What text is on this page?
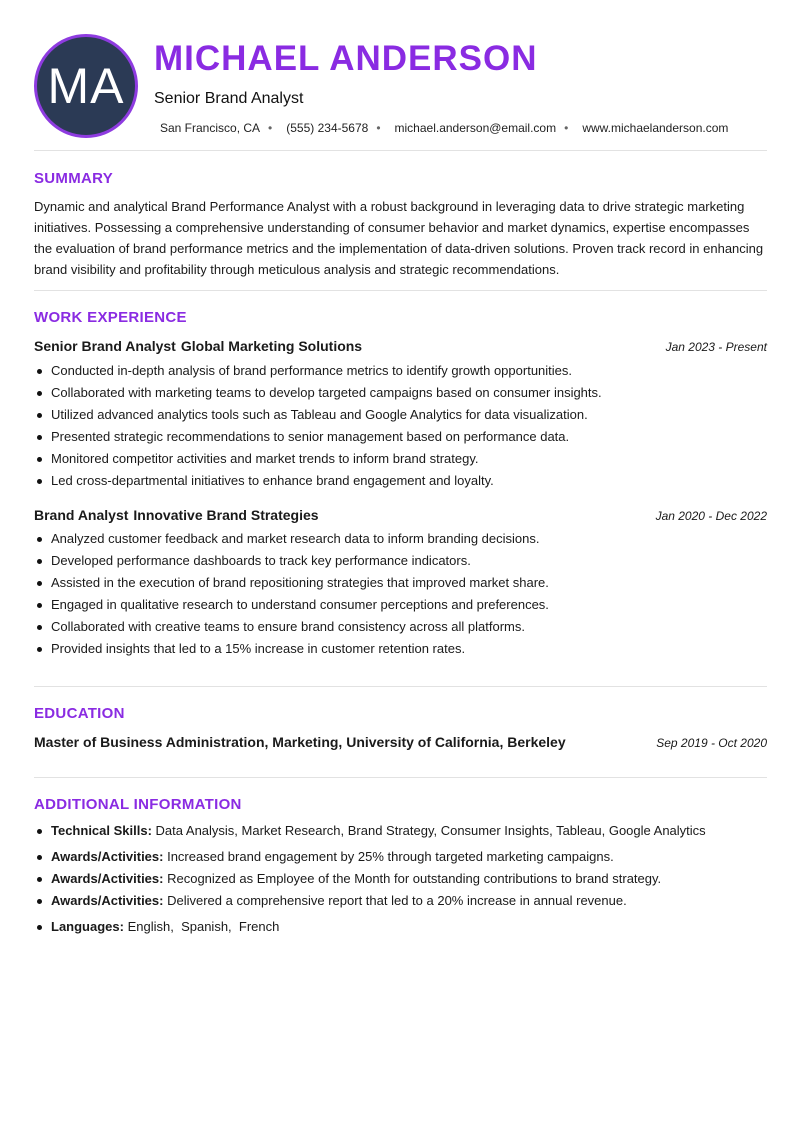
MA MICHAEL ANDERSON
Senior Brand Analyst
San Francisco, CA • (555) 234-5678 • michael.anderson@email.com • www.michaelanderson.com
SUMMARY
Dynamic and analytical Brand Performance Analyst with a robust background in leveraging data to drive strategic marketing initiatives. Possessing a comprehensive understanding of consumer behavior and market dynamics, expertise encompasses the evaluation of brand performance metrics and the implementation of data-driven solutions. Proven track record in enhancing brand visibility and profitability through meticulous analysis and strategic recommendations.
WORK EXPERIENCE
Senior Brand Analyst Global Marketing Solutions	Jan 2023 - Present
Conducted in-depth analysis of brand performance metrics to identify growth opportunities.
Collaborated with marketing teams to develop targeted campaigns based on consumer insights.
Utilized advanced analytics tools such as Tableau and Google Analytics for data visualization.
Presented strategic recommendations to senior management based on performance data.
Monitored competitor activities and market trends to inform brand strategy.
Led cross-departmental initiatives to enhance brand engagement and loyalty.
Brand Analyst Innovative Brand Strategies	Jan 2020 - Dec 2022
Analyzed customer feedback and market research data to inform branding decisions.
Developed performance dashboards to track key performance indicators.
Assisted in the execution of brand repositioning strategies that improved market share.
Engaged in qualitative research to understand consumer perceptions and preferences.
Collaborated with creative teams to ensure brand consistency across all platforms.
Provided insights that led to a 15% increase in customer retention rates.
EDUCATION
Master of Business Administration, Marketing, University of California, Berkeley	Sep 2019 - Oct 2020
ADDITIONAL INFORMATION
Technical Skills: Data Analysis, Market Research, Brand Strategy, Consumer Insights, Tableau, Google Analytics
Awards/Activities: Increased brand engagement by 25% through targeted marketing campaigns.
Awards/Activities: Recognized as Employee of the Month for outstanding contributions to brand strategy.
Awards/Activities: Delivered a comprehensive report that led to a 20% increase in annual revenue.
Languages: English,  Spanish,  French
